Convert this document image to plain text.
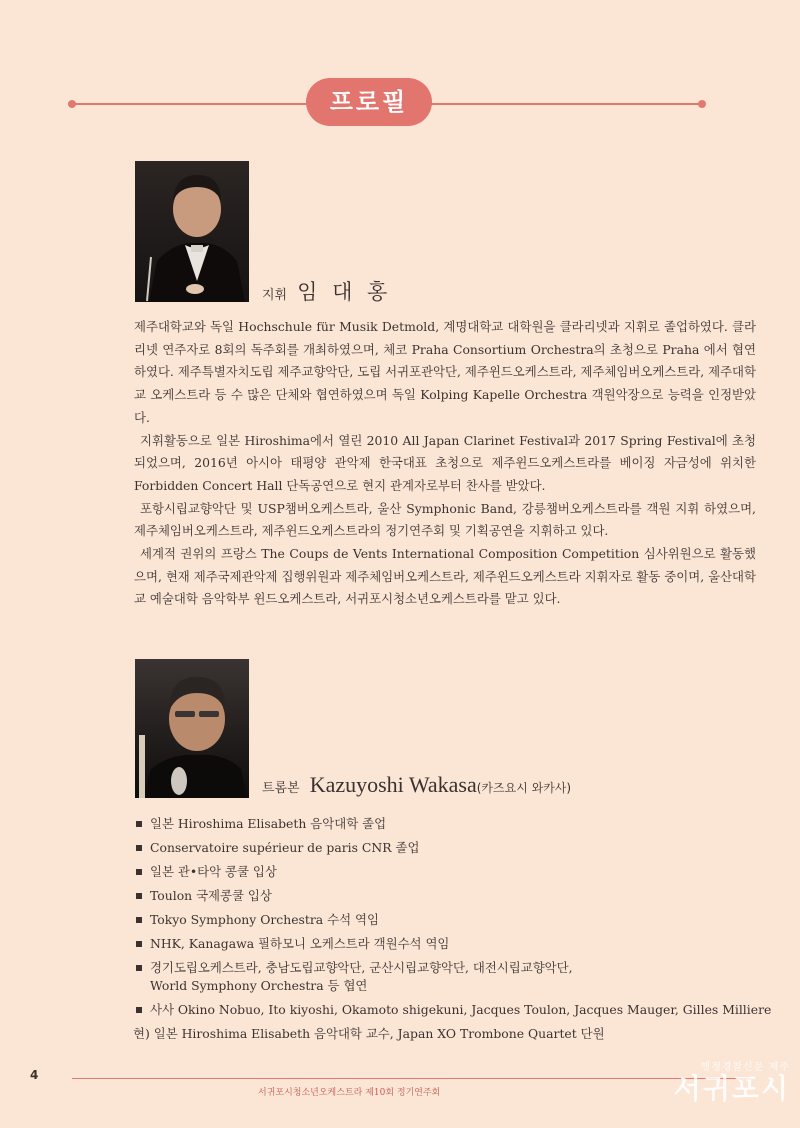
프로필
지휘 임 대 홍

제주대학교와 독일 Hochschule für Musik Detmold, 계명대학교 대학원을 클라리넷과 지휘로 졸업하였다. 클라리넷 연주자로 8회의 독주회를 개최하였으며, 체코 Praha Consortium Orchestra의 초청으로 Praha 에서 협연하였다. 제주특별자치도립 제주교향악단, 도립 서귀포관악단, 제주윈드오케스트라, 제주체임버오케스트라, 제주대학교 오케스트라 등 수 많은 단체와 협연하였으며 독일 Kolping Kapelle Orchestra 객원악장으로 능력을 인정받았다.

지휘활동으로 일본 Hiroshima에서 열린 2010 All Japan Clarinet Festival과 2017 Spring Festival에 초청되었으며, 2016년 아시아 태평양 관악제 한국대표 초청으로 제주윈드오케스트라를 베이징 자금성에 위치한 Forbidden Concert Hall 단독공연으로 현지 관계자로부터 찬사를 받았다.

포항시립교향악단 및 USP챔버오케스트라, 울산 Symphonic Band, 강릉챔버오케스트라를 객원 지휘 하였으며, 제주체임버오케스트라, 제주윈드오케스트라의 정기연주회 및 기획공연을 지휘하고 있다.

세계적 권위의 프랑스 The Coups de Vents International Composition Competition 심사위원으로 활동했으며, 현재 제주국제관악제 집행위원과 제주체임버오케스트라, 제주윈드오케스트라 지휘자로 활동 중이며, 울산대학교 예술대학 음악학부 윈드오케스트라, 서귀포시청소년오케스트라를 맡고 있다.

트롬본 Kazuyoshi Wakasa (카즈요시 와카사)
일본 Hiroshima Elisabeth 음악대학 졸업
Conservatoire supérieur de paris CNR 졸업
일본 관•타악 콩쿨 입상
Toulon 국제콩쿨 입상
Tokyo Symphony Orchestra 수석 역임
NHK, Kanagawa 필하모니 오케스트라 객원수석 역임
경기도립오케스트라, 충남도립교향악단, 군산시립교향악단, 대전시립교향악단,
World Symphony Orchestra 등 협연
사사 Okino Nobuo, Ito kiyoshi, Okamoto shigekuni, Jacques Toulon, Jacques Mauger, Gilles Milliere
현) 일본 Hiroshima Elisabeth 음악대학 교수, Japan XO Trombone Quartet 단원
4
서귀포시청소년오케스트라 제10회 정기연주회
행정경찰신문 제주
서귀포시
